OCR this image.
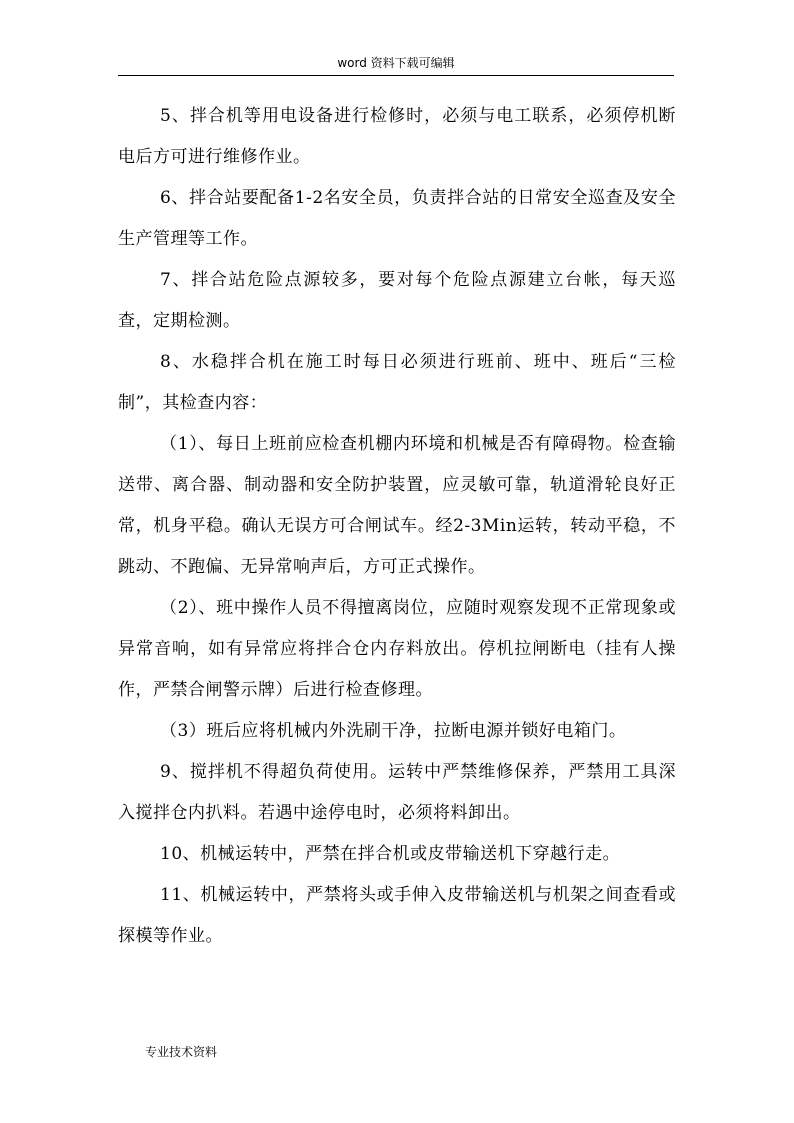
word 资料下载可编辑

5、拌合机等用电设备进行检修时，必须与电工联系，必须停机断电后方可进行维修作业。

6、拌合站要配备1-2名安全员，负责拌合站的日常安全巡查及安全生产管理等工作。

7、拌合站危险点源较多，要对每个危险点源建立台帐，每天巡查，定期检测。

8、水稳拌合机在施工时每日必须进行班前、班中、班后“三检制”，其检查内容：

（1）、每日上班前应检查机棚内环境和机械是否有障碍物。检查输送带、离合器、制动器和安全防护装置，应灵敏可靠，轨道滑轮良好正常，机身平稳。确认无误方可合闸试车。经2-3Min运转，转动平稳，不跳动、不跑偏、无异常响声后，方可正式操作。

（2）、班中操作人员不得擅离岗位，应随时观察发现不正常现象或异常音响，如有异常应将拌合仓内存料放出。停机拉闸断电（挂有人操作，严禁合闸警示牌）后进行检查修理。

（3）班后应将机械内外洗刷干净，拉断电源并锁好电箱门。

9、搅拌机不得超负荷使用。运转中严禁维修保养，严禁用工具深入搅拌仓内扒料。若遇中途停电时，必须将料卸出。

10、机械运转中，严禁在拌合机或皮带输送机下穿越行走。

11、机械运转中，严禁将头或手伸入皮带输送机与机架之间查看或探模等作业。

专业技术资料
